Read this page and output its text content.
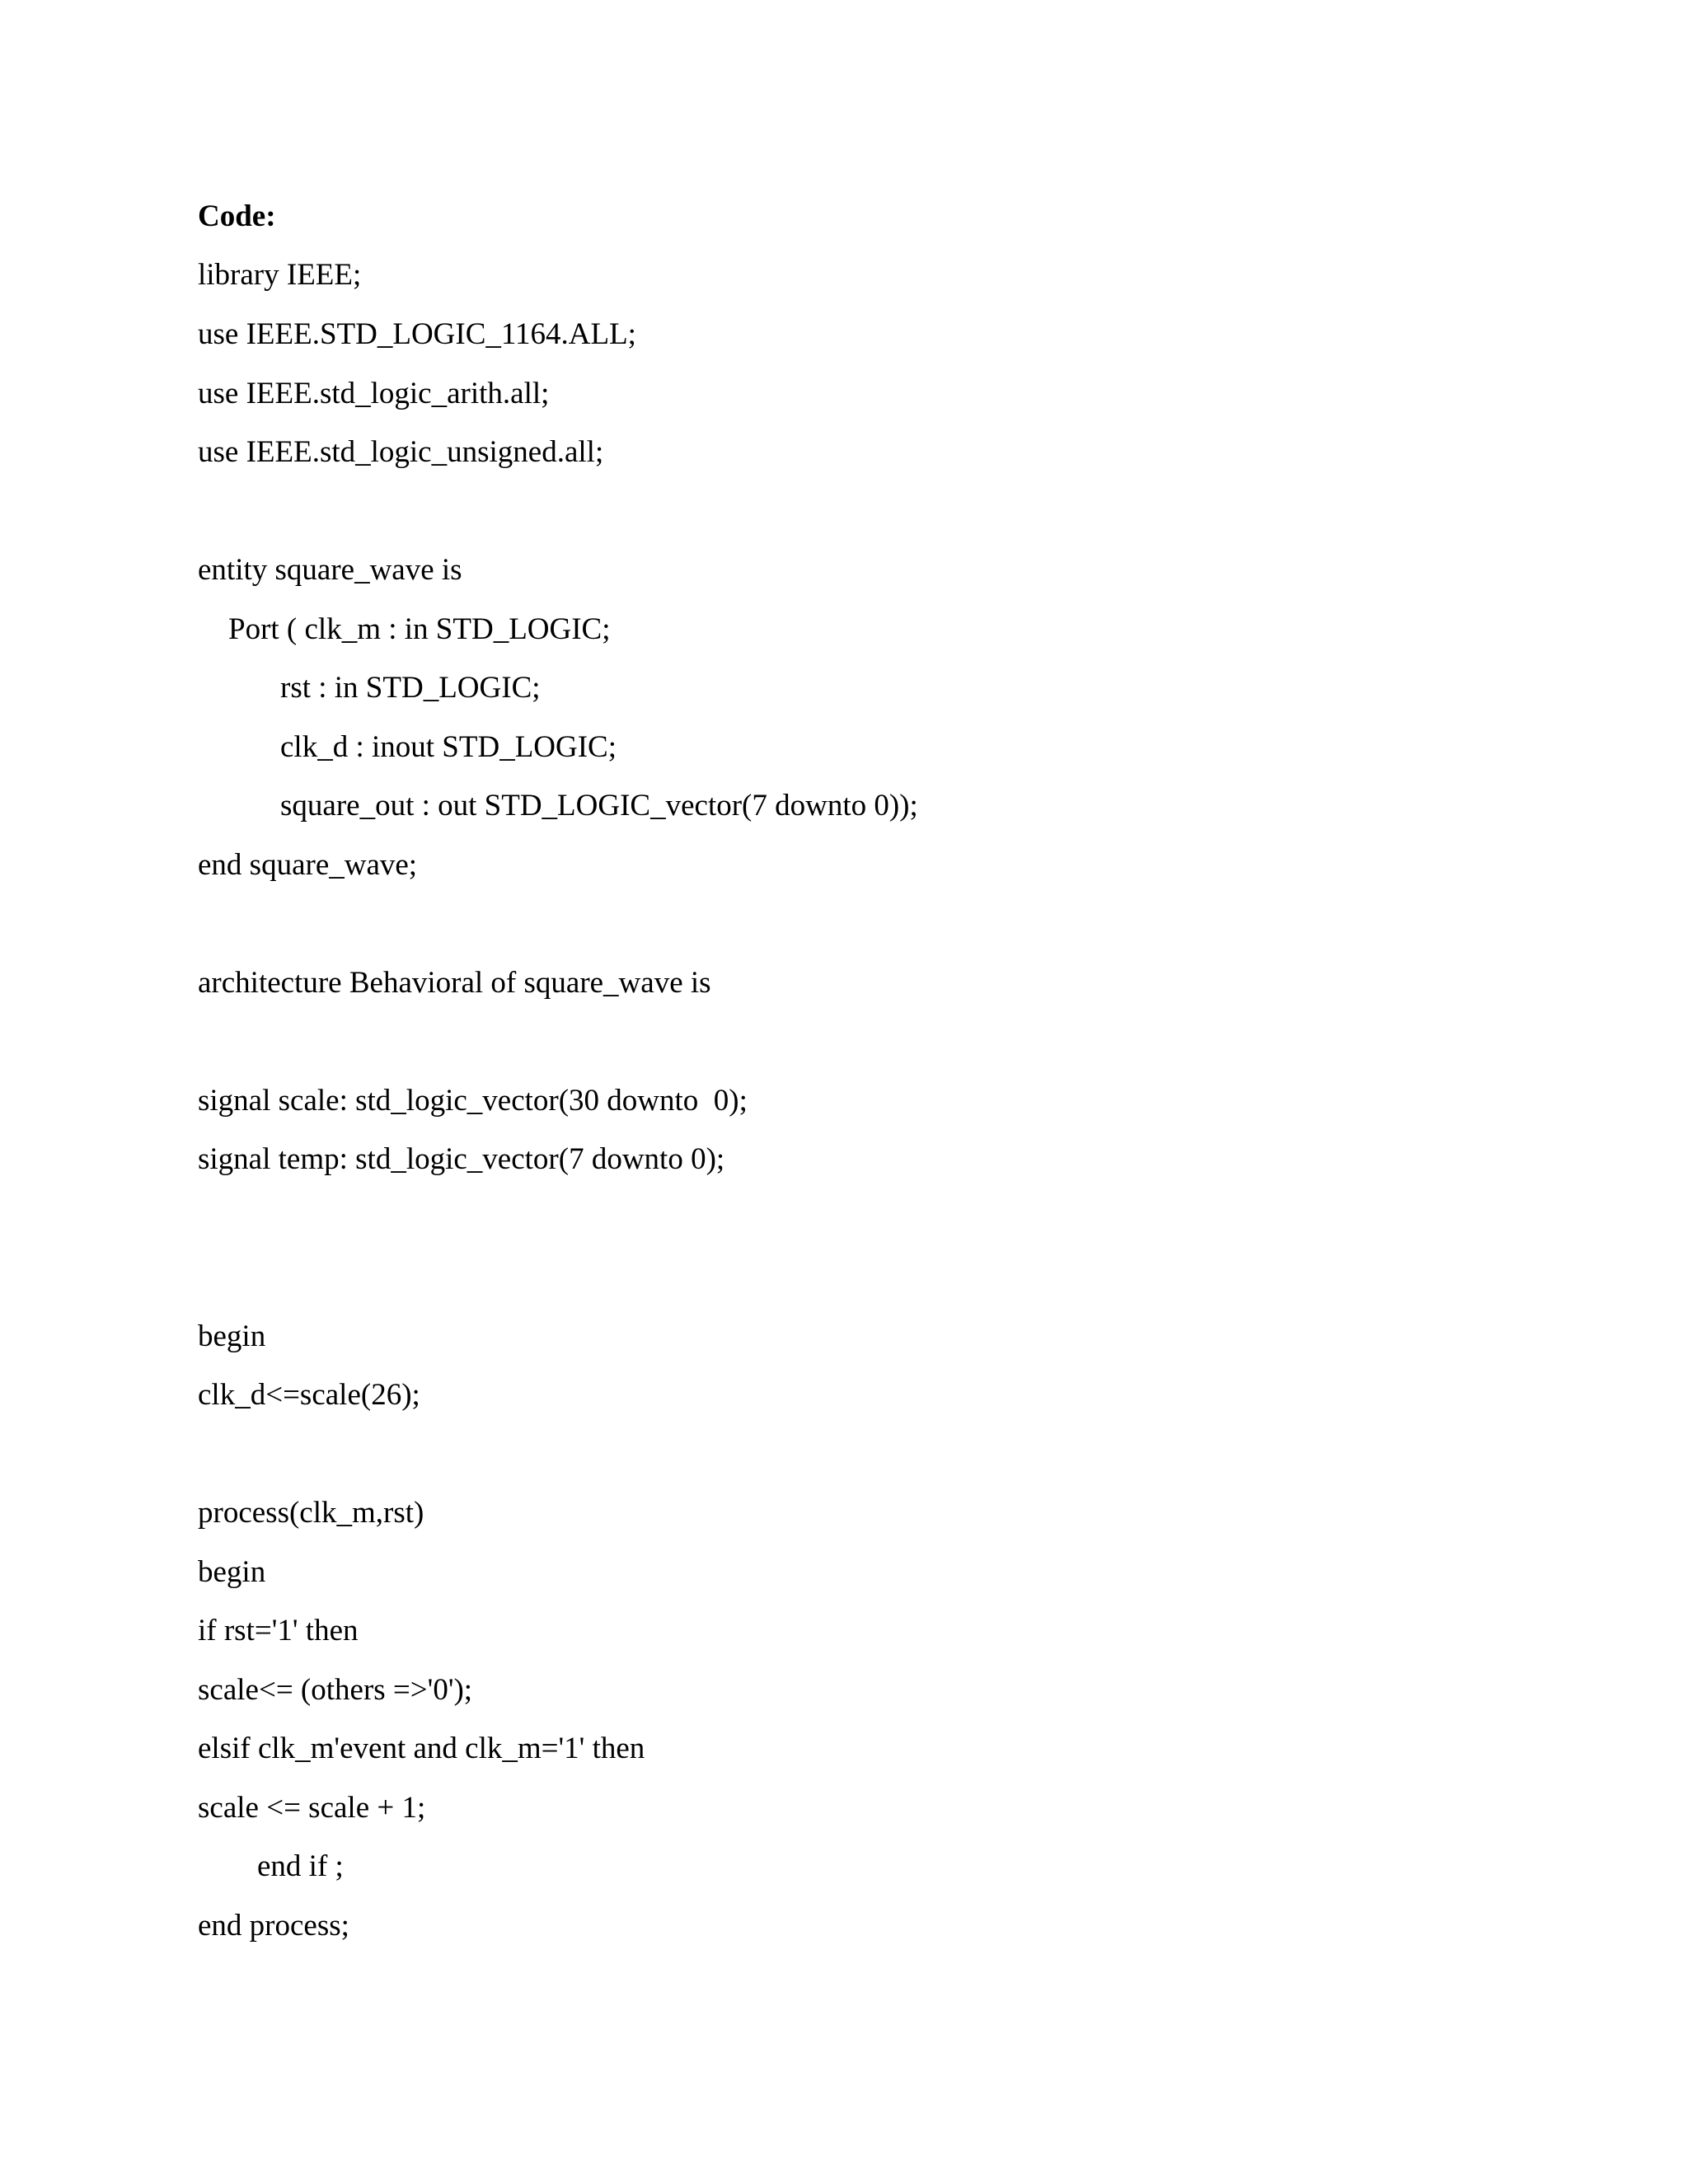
Code:
library IEEE;
use IEEE.STD_LOGIC_1164.ALL;
use IEEE.std_logic_arith.all;
use IEEE.std_logic_unsigned.all;
entity square_wave is
Port ( clk_m : in STD_LOGIC;
rst : in STD_LOGIC;
clk_d : inout STD_LOGIC;
square_out : out STD_LOGIC_vector(7 downto 0));
end square_wave;
architecture Behavioral of square_wave is
signal scale: std_logic_vector(30 downto  0);
signal temp: std_logic_vector(7 downto 0);
begin
clk_d<=scale(26);
process(clk_m,rst)
begin
if rst='1' then
scale<= (others =>'0');
elsif clk_m'event and clk_m='1' then
scale <= scale + 1;
end if ;
end process;
